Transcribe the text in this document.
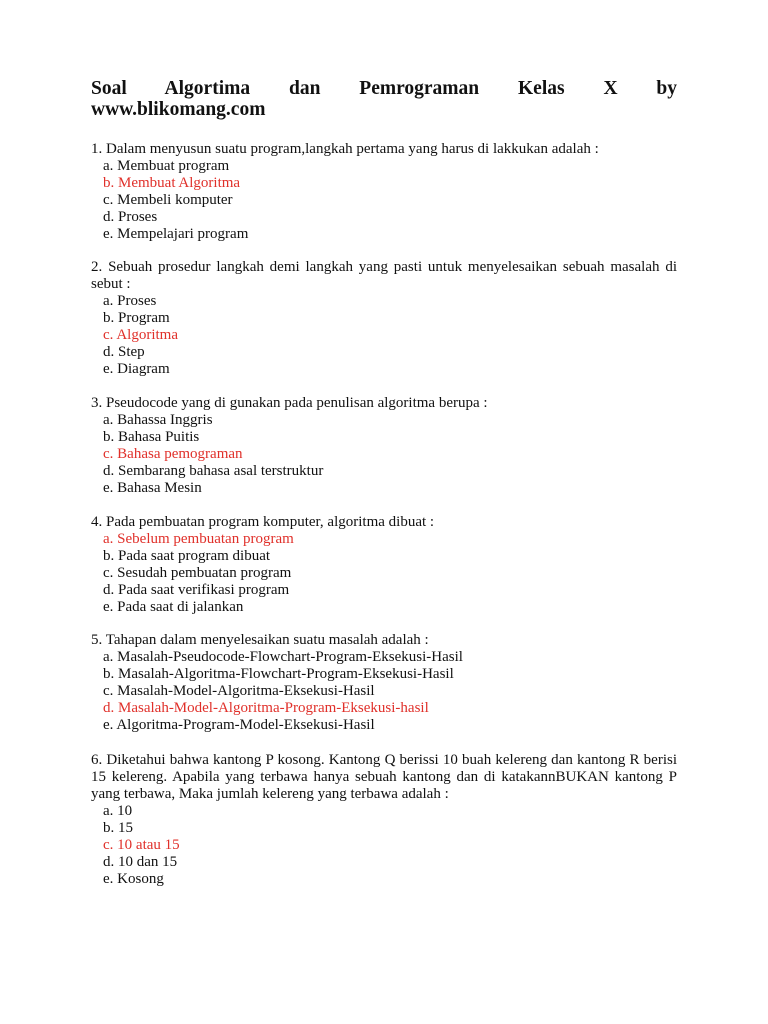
Soal Algortima dan Pemrograman Kelas X by
www.blikomang.com

1. Dalam menyusun suatu program,langkah pertama yang harus di lakkukan adalah :

a. Membuat program
b. Membuat Algoritma
c. Membeli komputer
d. Proses
e. Mempelajari program

2. Sebuah prosedur langkah demi langkah yang pasti untuk menyelesaikan sebuah masalah di sebut :

a. Proses
b. Program
c. Algoritma
d. Step
e. Diagram

3. Pseudocode yang di gunakan pada penulisan algoritma berupa :

a. Bahassa Inggris
b. Bahasa Puitis
c. Bahasa pemograman
d. Sembarang bahasa asal terstruktur
e. Bahasa Mesin

4. Pada pembuatan program komputer, algoritma dibuat :

a. Sebelum pembuatan program
b. Pada saat program dibuat
c. Sesudah pembuatan program
d. Pada saat verifikasi program
e. Pada saat di jalankan

5. Tahapan dalam menyelesaikan suatu masalah adalah :

a. Masalah-Pseudocode-Flowchart-Program-Eksekusi-Hasil
b. Masalah-Algoritma-Flowchart-Program-Eksekusi-Hasil
c. Masalah-Model-Algoritma-Eksekusi-Hasil
d. Masalah-Model-Algoritma-Program-Eksekusi-hasil
e. Algoritma-Program-Model-Eksekusi-Hasil

6. Diketahui bahwa kantong P kosong. Kantong Q berissi 10 buah kelereng dan kantong R berisi 15 kelereng. Apabila yang terbawa hanya sebuah kantong dan di katakannBUKAN kantong P yang terbawa, Maka jumlah kelereng yang terbawa adalah :

a. 10
b. 15
c. 10 atau 15
d. 10 dan 15
e. Kosong
